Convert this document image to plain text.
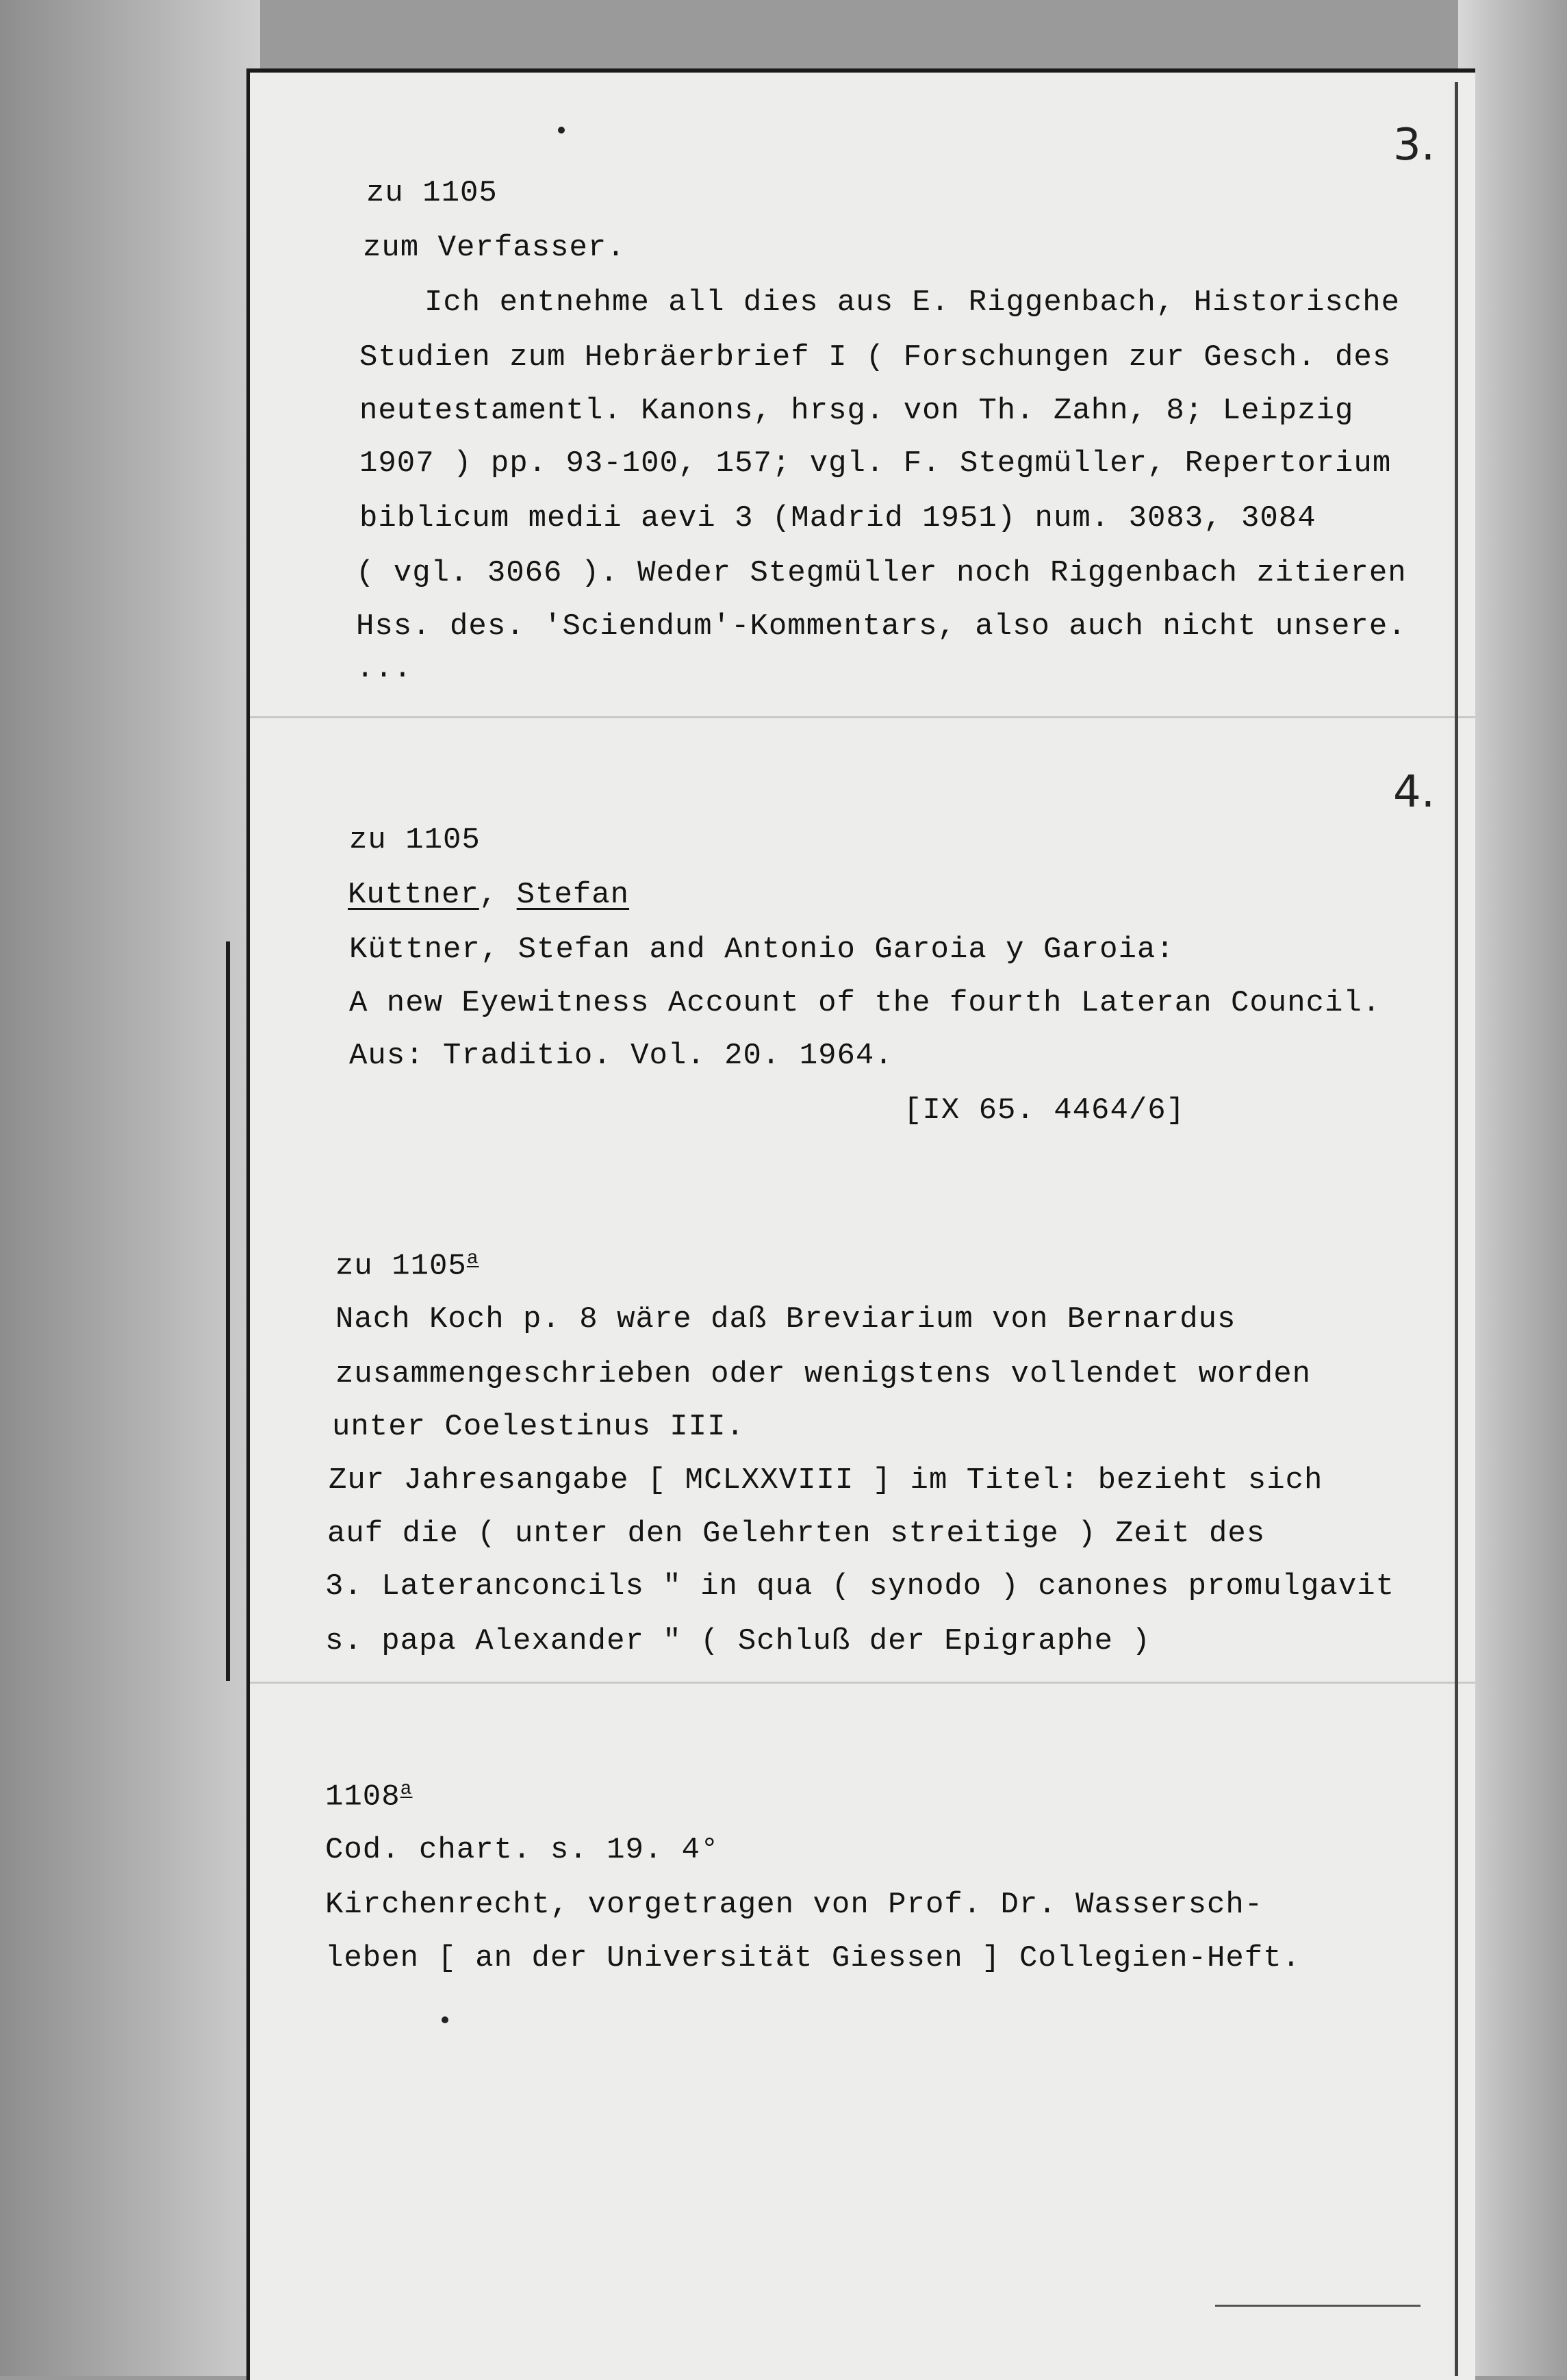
3.
4.
zu 1105
zum Verfasser.
Ich entnehme all dies aus E. Riggenbach, Historische
Studien zum Hebräerbrief I ( Forschungen zur Gesch. des
neutestamentl. Kanons, hrsg. von Th. Zahn, 8; Leipzig
1907 ) pp. 93-100, 157; vgl. F. Stegmüller, Repertorium
biblicum medii aevi 3 (Madrid 1951) num. 3083, 3084
( vgl. 3066 ). Weder Stegmüller noch Riggenbach zitieren
Hss. des. 'Sciendum'-Kommentars, also auch nicht unsere.
...
zu 1105
Kuttner, Stefan
Küttner, Stefan and Antonio Garoia y Garoia:
A new Eyewitness Account of the fourth Lateran Council.
Aus: Traditio. Vol. 20. 1964.
[IX 65. 4464/6]
zu 1105$^a$
Nach Koch p. 8 wäre daß Breviarium von Bernardus
zusammengeschrieben oder wenigstens vollendet worden
unter Coelestinus III.
Zur Jahresangabe [ MCLXXVIII ] im Titel: bezieht sich
auf die ( unter den Gelehrten streitige ) Zeit des
3. Lateranconcils " in qua ( synodo ) canones promulgavit
s. papa Alexander " ( Schluß der Epigraphe )
1108$^a$
Cod. chart. s. 19. 4°
Kirchenrecht, vorgetragen von Prof. Dr. Wassersch-
leben [ an der Universität Giessen ] Collegien-Heft.
